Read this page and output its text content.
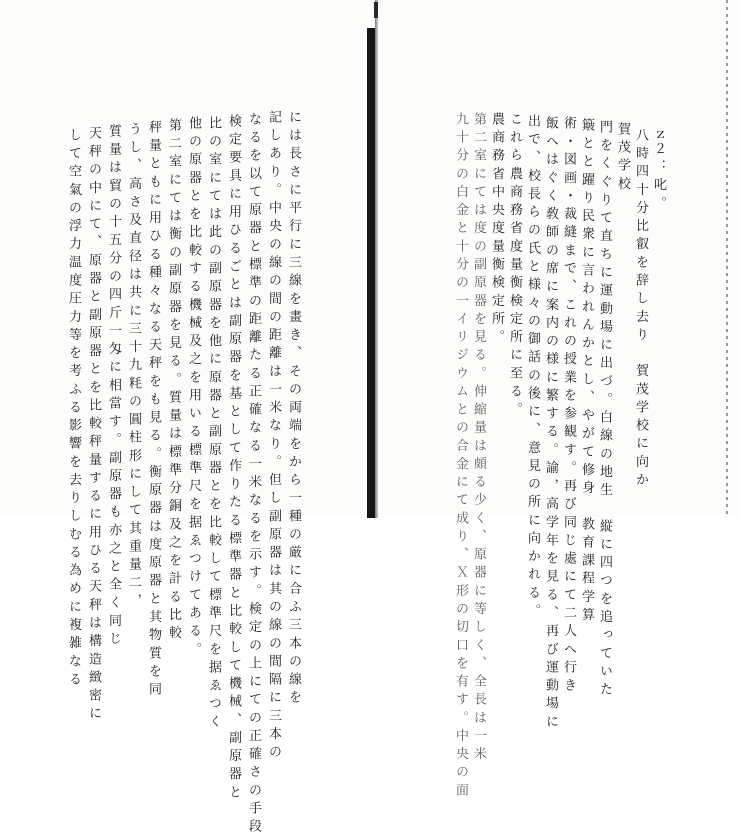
に は 長 さ に 平 行 に 三 線 を 畫 き 、 そ の 両 端 を か ら 一 種 の 厳 に 合 ふ 三 本 の 線 を
記 し あ り 。 中 央 の 線 の 間 の 距 離 は 一 米 な り 。 但 し 副 原 器 は 其 の 線 の 間 隔 に 三 本 の
な る を 以 て 原 器 と 標 準 の 距 離 た る 正 確 な る 一 米 な る を 示 す 。 検 定 の 上 に て の 正 確 さ の 手 段
検 定 要 具 に 用 ひ る ご と は 副 原 器 を 基 と し て 作 り た る 標 準 器 と 比 較 し て 機 械 、 副 原 器 と
比 の 室 に て は 此 の 副 原 器 を 他 に 原 器 と 副 原 器 と を 比 較 し て 標 準 尺 を 据 ゑ つ く
他 の 原 器 と を 比 較 す る 機 械 及 之 を 用 い る 標 準 尺 を 据 ゑ つ け て あ る 。
第 二 室 に て は 衡 の 副 原 器 を 見 る 。 質 量 は 標 準 分 銅 及 之 を 計 る 比 較
秤 量 と も に 用 ひ る 種 々 な る 天 秤 を も 見 る 。 衡 原 器 は 度 原 器 と 其 物 質 を 同
う し 、 高 さ 及 直 径 は 共 に 三 十 九 粍 の 圓 柱 形 に し て 其 重 量 二 ，
質 量 は 貿 の 十 五 分 の 四 斤 一 匁 に 相 當 す 。 副 原 器 も 亦 之 と 全 く 同 じ
天 秤 の 中 に て 、 原 器 と 副 原 器 と を 比 較 秤 量 す る に 用 ひ る 天 秤 は 構 造 緻 密 に
し て 空 氣 の 浮 力 温 度 圧 力 等 を 考 ふ る 影 響 を 去 り し む る 為 め に 複 雑 な る	ｚ２ ： 叱 。
八 時 四 十 分 比 叡 を 辞 し 去 り 　 賀 茂 学 校 に 向 か
賀 茂 学 校
門 を く ぐ り て 直 ち に 運 動 場 に 出 づ 。 白 線 の 地 生 　 縦 に 四 つ を 追 っ て い た
簸 と と 躍 り 民 衆 に 言 わ れ ん か と し 、 や が て 修 身 　 教 育 課 程 学 算
術 ・ 図 画 ・ 裁 縫 ま で 、 こ れ の 授 業 を 参 観 す 。 再 び 同 じ 處 に て 二 人 へ 行 き
飯 へ は ぐ く 敎 師 の 席 に 案 内 の 様 に 繁 す る 。 諭 ， 高 学 年 を 見 る 、 再 び 運 動 場 に
出 で 、 校 長 ら の 氏 と 様 々 の 御 話 の 後 に 、 意 見 の 所 に 向 か れ る 。
こ れ ら 農 商 務 省 度 量 衡 検 定 所 に 至 る 。
農 商 務 省 中 央 度 量 衡 検 定 所 。
第 二 室 に て は 度 の 副 原 器 を 見 る 。 伸 縮 量 は 頗 る 少 く 、 原 器 に 等 し く 、 全 長 は 一 米
九 十 分 の 白 金 と 十 分 の 一 イ リ ジ ウ ム と の 合 金 に て 成 り 、 Ｘ 形 の 切 口 を 有 す 。 中 央 の 面
